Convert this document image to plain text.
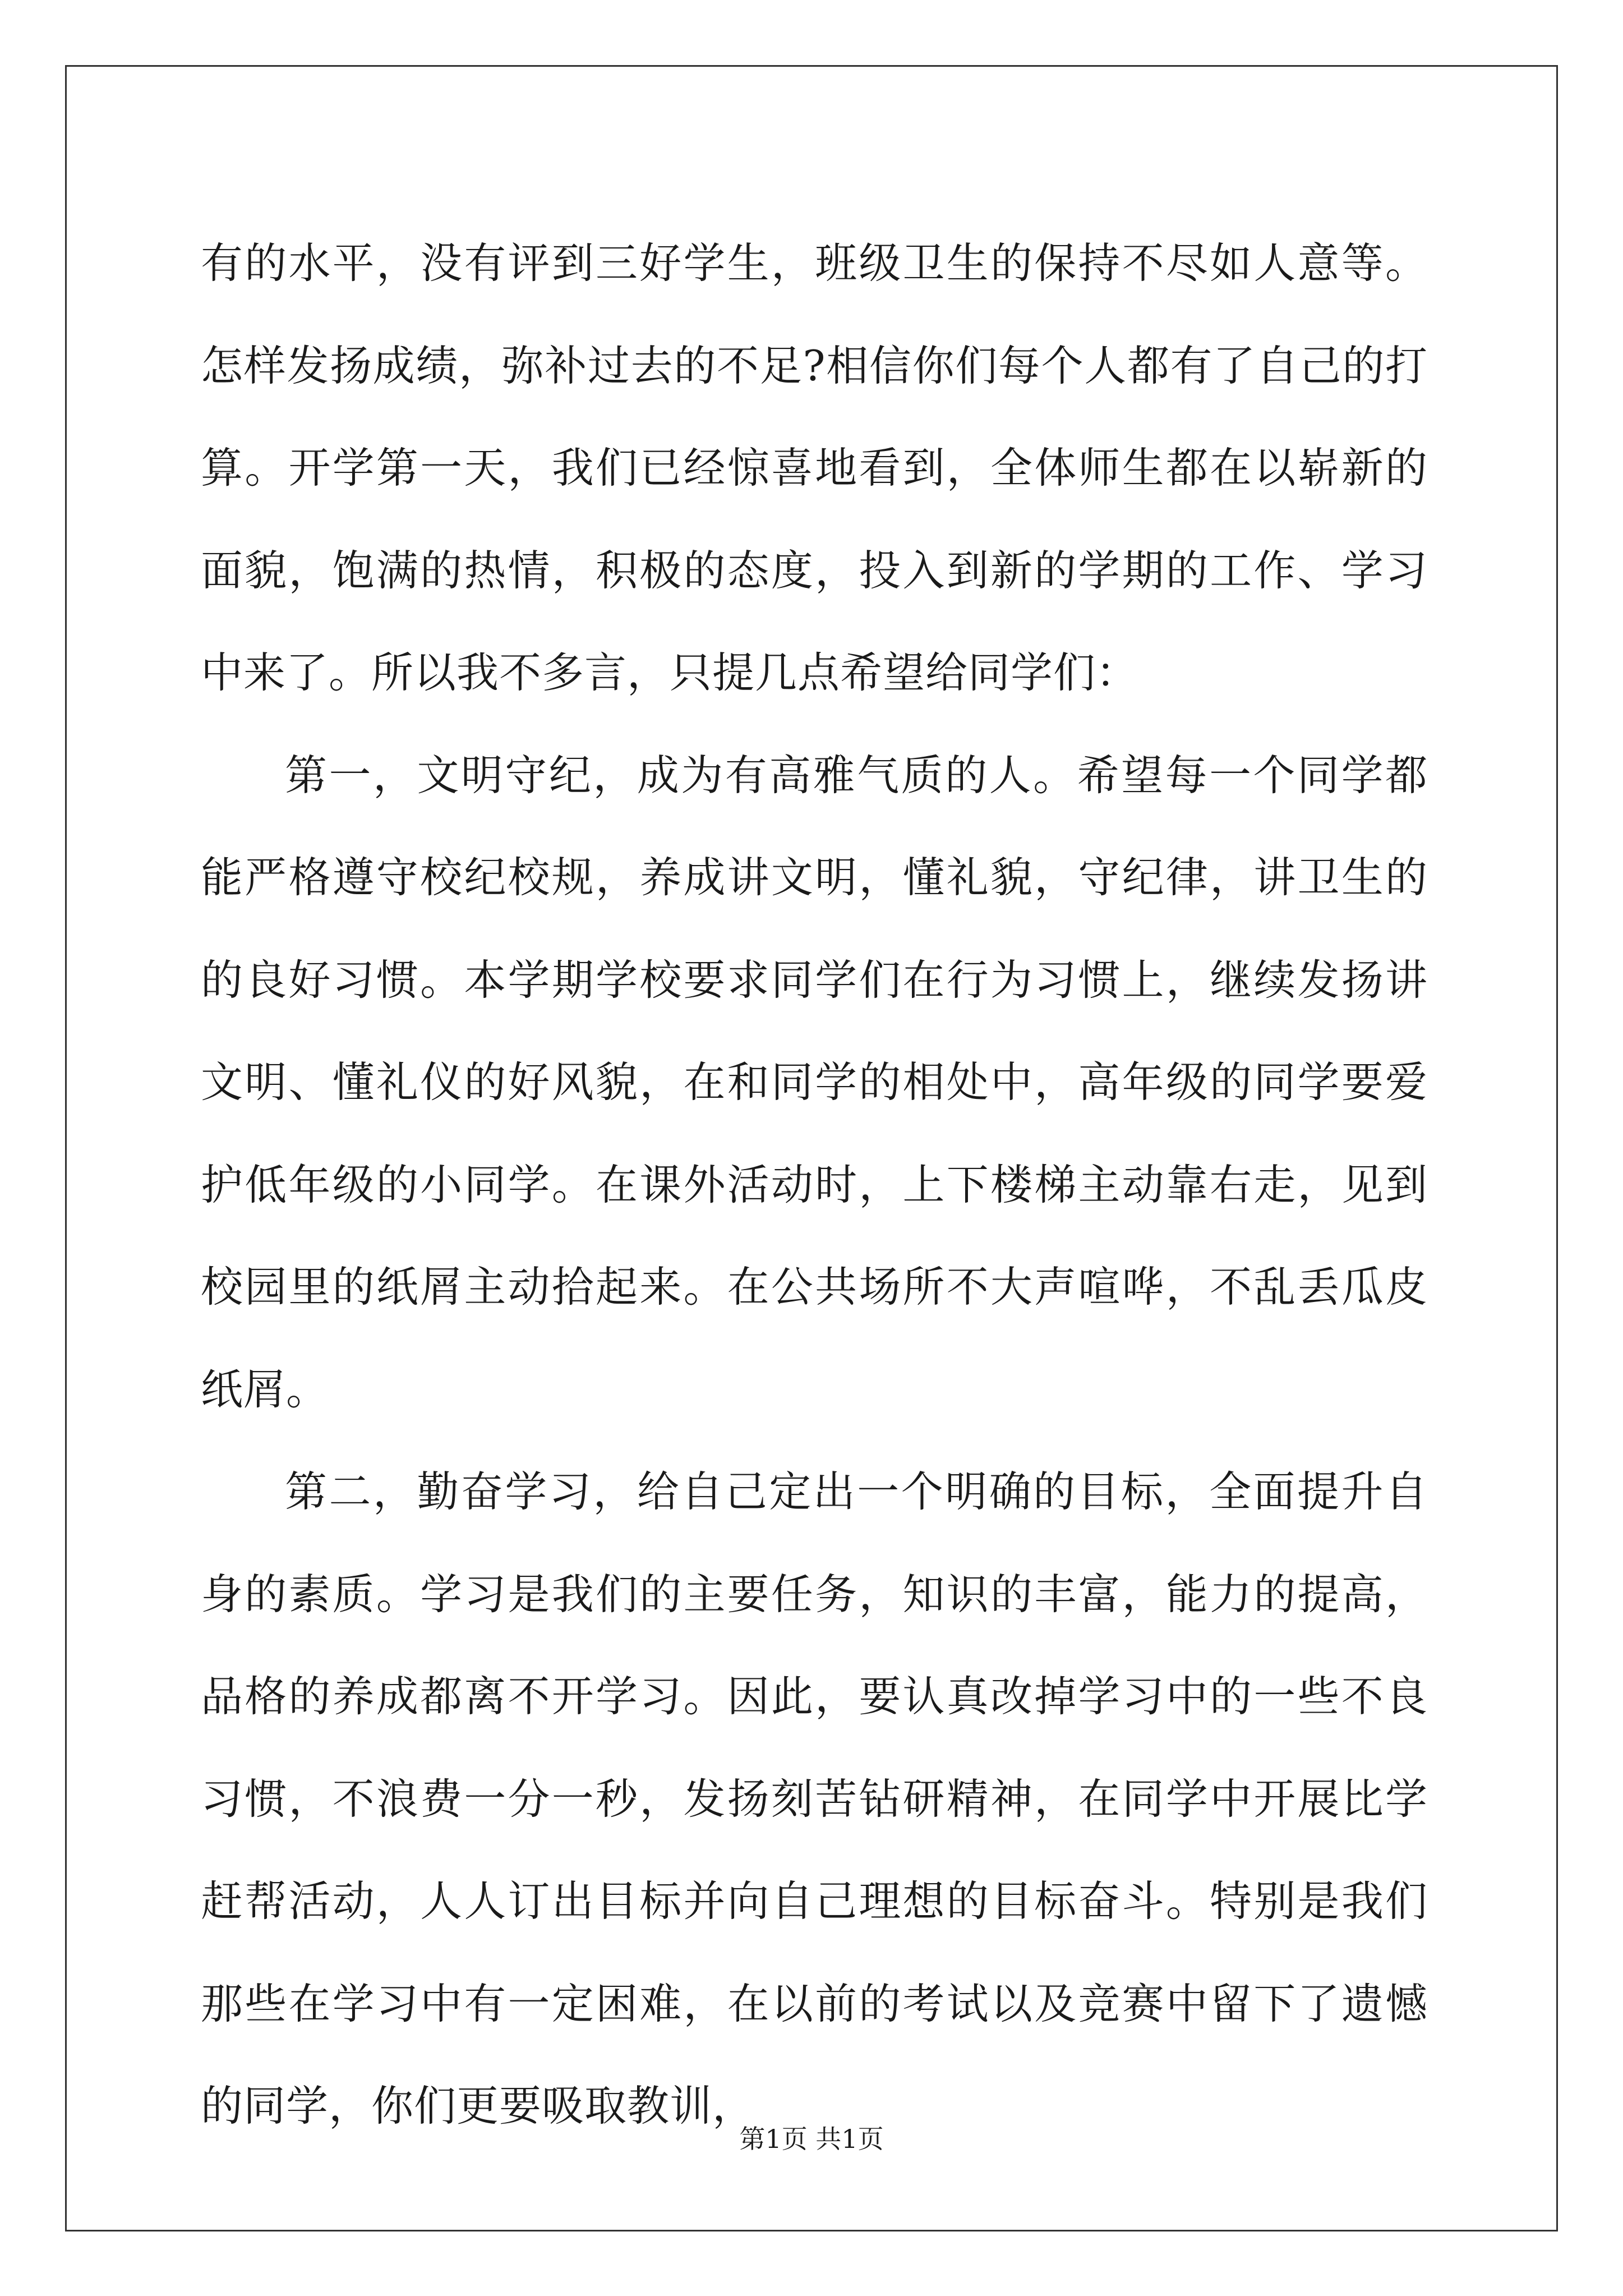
有的水平，没有评到三好学生，班级卫生的保持不尽如人意等。怎样发扬成绩，弥补过去的不足?相信你们每个人都有了自己的打算。开学第一天，我们已经惊喜地看到，全体师生都在以崭新的面貌，饱满的热情，积极的态度，投入到新的学期的工作、学习中来了。所以我不多言，只提几点希望给同学们：

第一，文明守纪，成为有高雅气质的人。希望每一个同学都能严格遵守校纪校规，养成讲文明，懂礼貌，守纪律，讲卫生的的良好习惯。本学期学校要求同学们在行为习惯上，继续发扬讲文明、懂礼仪的好风貌，在和同学的相处中，高年级的同学要爱护低年级的小同学。在课外活动时，上下楼梯主动靠右走，见到校园里的纸屑主动拾起来。在公共场所不大声喧哗，不乱丢瓜皮纸屑。

第二，勤奋学习，给自己定出一个明确的目标，全面提升自身的素质。学习是我们的主要任务，知识的丰富，能力的提高，品格的养成都离不开学习。因此，要认真改掉学习中的一些不良习惯，不浪费一分一秒，发扬刻苦钻研精神，在同学中开展比学赶帮活动，人人订出目标并向自己理想的目标奋斗。特别是我们那些在学习中有一定困难，在以前的考试以及竞赛中留下了遗憾的同学，你们更要吸取教训，

第1页 共1页
